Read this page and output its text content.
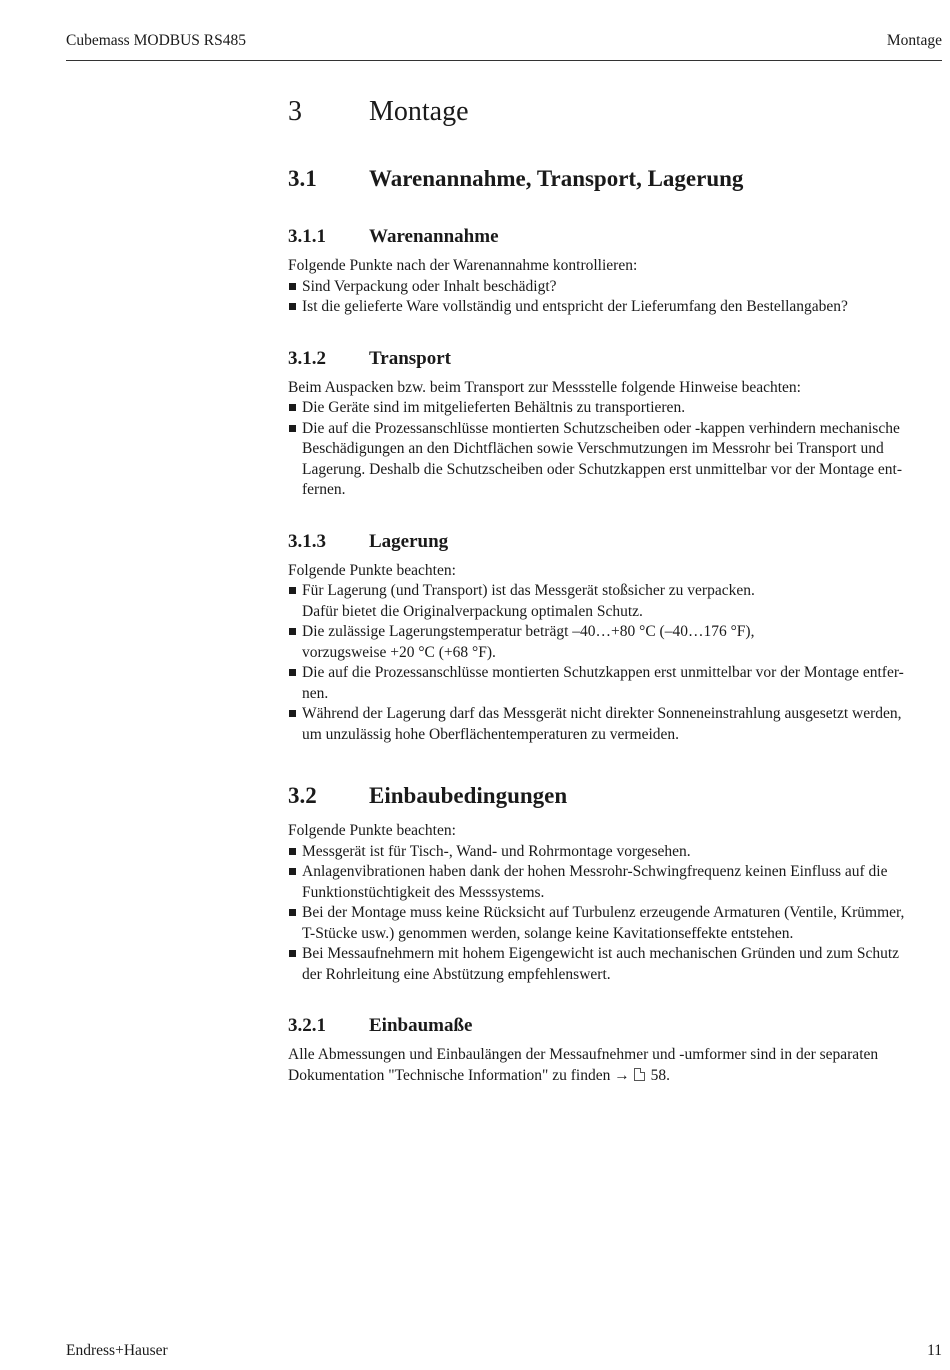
Cubemass MODBUS RS485	Montage
3	Montage
3.1	Warenannahme, Transport, Lagerung
3.1.1	Warenannahme

Folgende Punkte nach der Warenannahme kontrollieren:

Sind Verpackung oder Inhalt beschädigt?
Ist die gelieferte Ware vollständig und entspricht der Lieferumfang den Bestellangaben?
3.1.2	Transport

Beim Auspacken bzw. beim Transport zur Messstelle folgende Hinweise beachten:

Die Geräte sind im mitgelieferten Behältnis zu transportieren.
Die auf die Prozessanschlüsse montierten Schutzscheiben oder -kappen verhindern mechanische
Beschädigungen an den Dichtflächen sowie Verschmutzungen im Messrohr bei Transport und
Lagerung. Deshalb die Schutzscheiben oder Schutzkappen erst unmittelbar vor der Montage ent-
fernen.
3.1.3	Lagerung

Folgende Punkte beachten:

Für Lagerung (und Transport) ist das Messgerät stoßsicher zu verpacken.
Dafür bietet die Originalverpackung optimalen Schutz.
Die zulässige Lagerungstemperatur beträgt –40…+80 °C (–40…176 °F),
vorzugsweise +20 °C (+68 °F).
Die auf die Prozessanschlüsse montierten Schutzkappen erst unmittelbar vor der Montage entfer-
nen.
Während der Lagerung darf das Messgerät nicht direkter Sonneneinstrahlung ausgesetzt werden,
um unzulässig hohe Oberflächentemperaturen zu vermeiden.
3.2	Einbaubedingungen

Folgende Punkte beachten:

Messgerät ist für Tisch-, Wand- und Rohrmontage vorgesehen.
Anlagenvibrationen haben dank der hohen Messrohr-Schwingfrequenz keinen Einfluss auf die
Funktionstüchtigkeit des Messsystems.
Bei der Montage muss keine Rücksicht auf Turbulenz erzeugende Armaturen (Ventile, Krümmer,
T-Stücke usw.) genommen werden, solange keine Kavitationseffekte entstehen.
Bei Messaufnehmern mit hohem Eigengewicht ist auch mechanischen Gründen und zum Schutz
der Rohrleitung eine Abstützung empfehlenswert.
3.2.1	Einbaumaße

Alle Abmessungen und Einbaulängen der Messaufnehmer und -umformer sind in der separaten
Dokumentation "Technische Information" zu finden → 58.

Endress+Hauser	11
